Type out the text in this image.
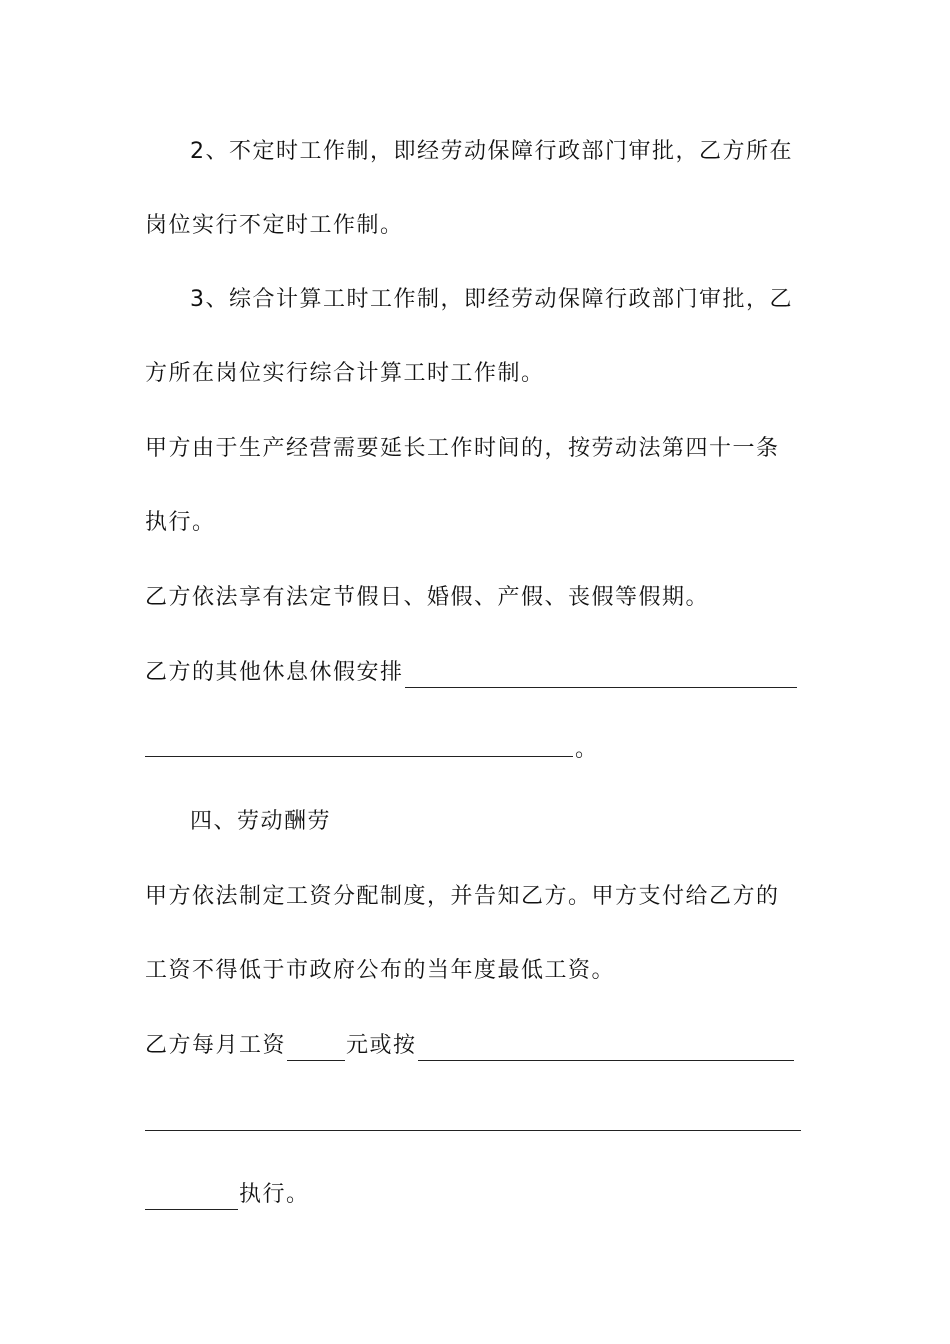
2、不定时工作制，即经劳动保障行政部门审批，乙方所在
岗位实行不定时工作制。
3、综合计算工时工作制，即经劳动保障行政部门审批，乙
方所在岗位实行综合计算工时工作制。
甲方由于生产经营需要延长工作时间的，按劳动法第四十一条
执行。
乙方依法享有法定节假日、婚假、产假、丧假等假期。
乙方的其他休息休假安排
。
四、劳动酬劳
甲方依法制定工资分配制度，并告知乙方。甲方支付给乙方的
工资不得低于市政府公布的当年度最低工资。
乙方每月工资	元或按
执行。
